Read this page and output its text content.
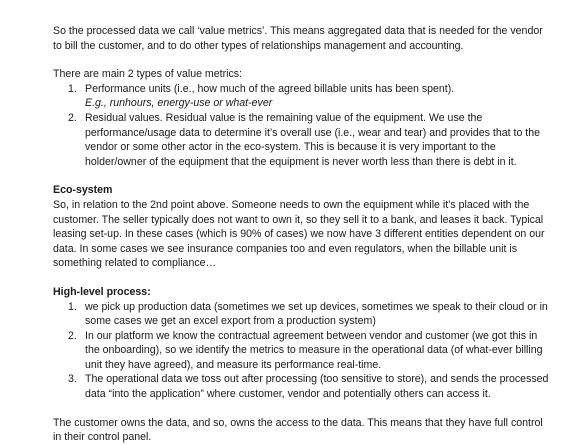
So the processed data we call ‘value metrics’. This means aggregated data that is needed for the vendor to bill the customer, and to do other types of relationships management and accounting.

There are main 2 types of value metrics:

1. Performance units (i.e., how much of the agreed billable units has been spent).
E.g., runhours, energy-use or what-ever
2. Residual values. Residual value is the remaining value of the equipment. We use the performance/usage data to determine it’s overall use (i.e., wear and tear) and provides that to the vendor or some other actor in the eco-system. This is because it is very important to the holder/owner of the equipment that the equipment is never worth less than there is debt in it.

Eco-system

So, in relation to the 2nd point above. Someone needs to own the equipment while it’s placed with the customer. The seller typically does not want to own it, so they sell it to a bank, and leases it back. Typical leasing set-up. In these cases (which is 90% of cases) we now have 3 different entities dependent on our data. In some cases we see insurance companies too and even regulators, when the billable unit is something related to compliance…

High-level process:

1. we pick up production data (sometimes we set up devices, sometimes we speak to their cloud or in some cases we get an excel export from a production system)
2. In our platform we know the contractual agreement between vendor and customer (we got this in the onboarding), so we identify the metrics to measure in the operational data (of what-ever billing unit they have agreed), and measure its performance real-time.
3. The operational data we toss out after processing (too sensitive to store), and sends the processed data “into the application” where customer, vendor and potentially others can access it.

The customer owns the data, and so, owns the access to the data. This means that they have full control in their control panel.
